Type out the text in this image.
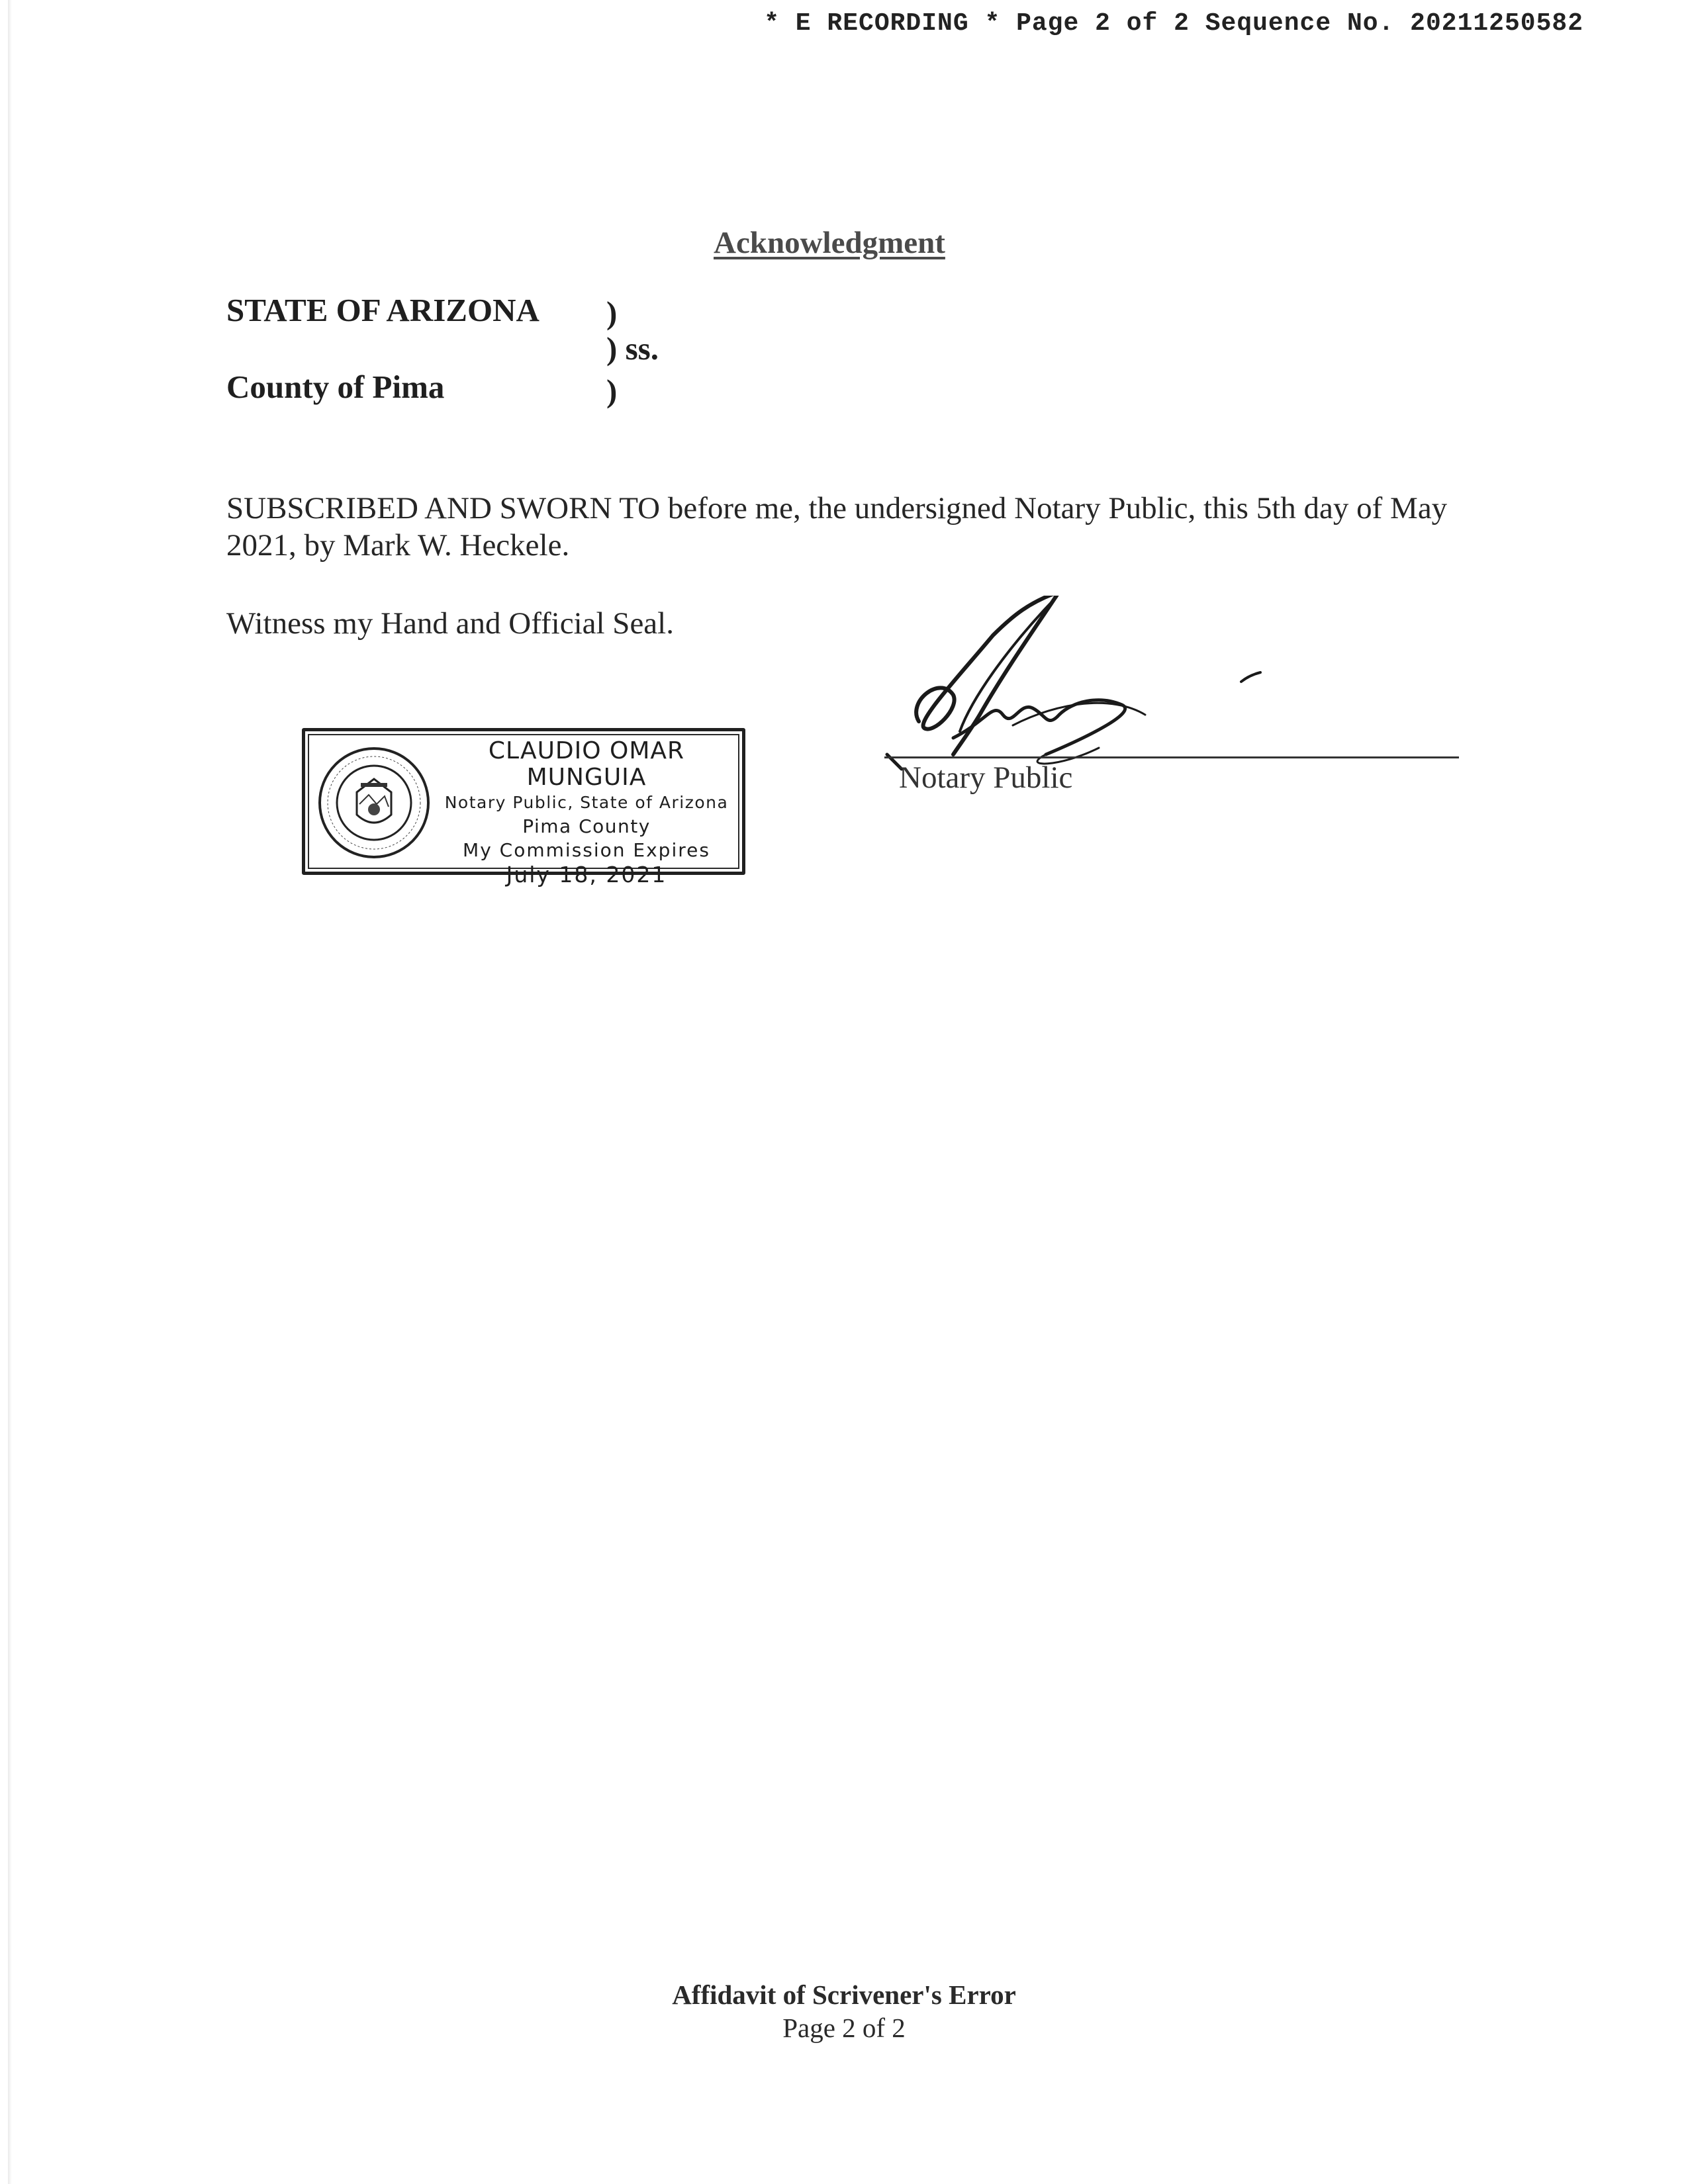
* E RECORDING * Page 2 of 2 Sequence No. 20211250582
Acknowledgment
STATE OF ARIZONA )
) ss.
County of Pima	)
SUBSCRIBED AND SWORN TO before me, the undersigned Notary Public, this 5th day of May 2021, by Mark W. Heckele.
Witness my Hand and Official Seal.
CLAUDIO OMAR MUNGUIA
Notary Public, State of Arizona
Pima County
My Commission Expires
July 18, 2021
Notary Public
Affidavit of Scrivener's Error
Page 2 of 2
